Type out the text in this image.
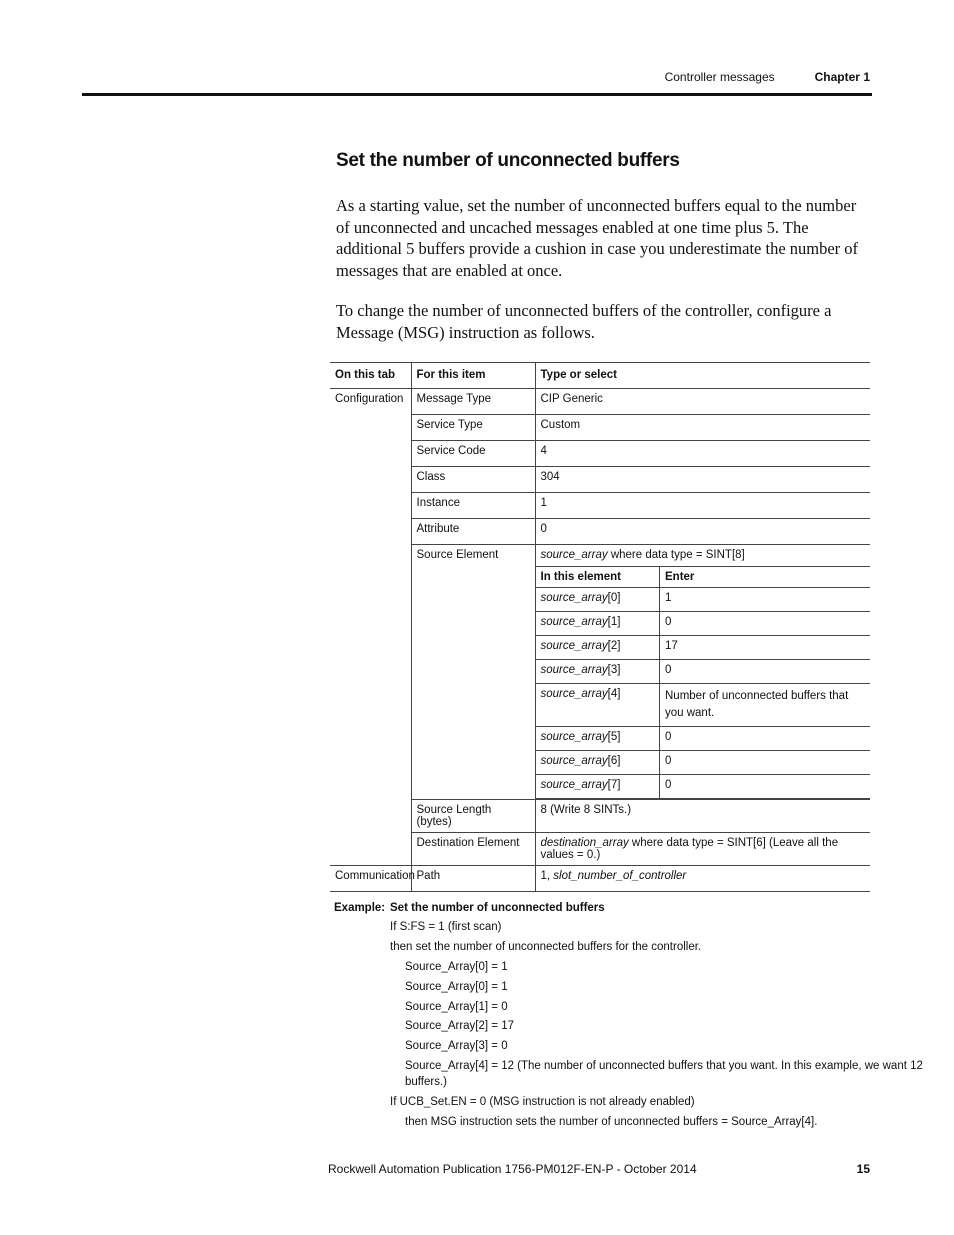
Controller messages	Chapter 1
Set the number of unconnected buffers

As a starting value, set the number of unconnected buffers equal to the number of unconnected and uncached messages enabled at one time plus 5. The additional 5 buffers provide a cushion in case you underestimate the number of messages that are enabled at once.

To change the number of unconnected buffers of the controller, configure a Message (MSG) instruction as follows.

On this tab	For this item	Type or select
Configuration	Message Type	CIP Generic
	Service Type	Custom
	Service Code	4
	Class	304
	Instance	1
	Attribute	0
	Source Element	source_array where data type = SINT[8]
In this element	Enter
source_array[0]	1
source_array[1]	0
source_array[2]	17
source_array[3]	0
source_array[4]	Number of unconnected buffers that you want.
source_array[5]	0
source_array[6]	0
source_array[7]	0

	Source Length (bytes)	8 (Write 8 SINTs.)
	Destination Element	destination_array where data type = SINT[6] (Leave all the values = 0.)
Communication	Path	1, slot_number_of_controller
Example: Set the number of unconnected buffers
If S:FS = 1 (first scan)
then set the number of unconnected buffers for the controller.
Source_Array[0] = 1
Source_Array[0] = 1
Source_Array[1] = 0
Source_Array[2] = 17
Source_Array[3] = 0
Source_Array[4] = 12 (The number of unconnected buffers that you want. In this example, we want 12
buffers.)
If UCB_Set.EN = 0 (MSG instruction is not already enabled)
then MSG instruction sets the number of unconnected buffers = Source_Array[4].
Rockwell Automation Publication 1756-PM012F-EN-P - October 2014	15
